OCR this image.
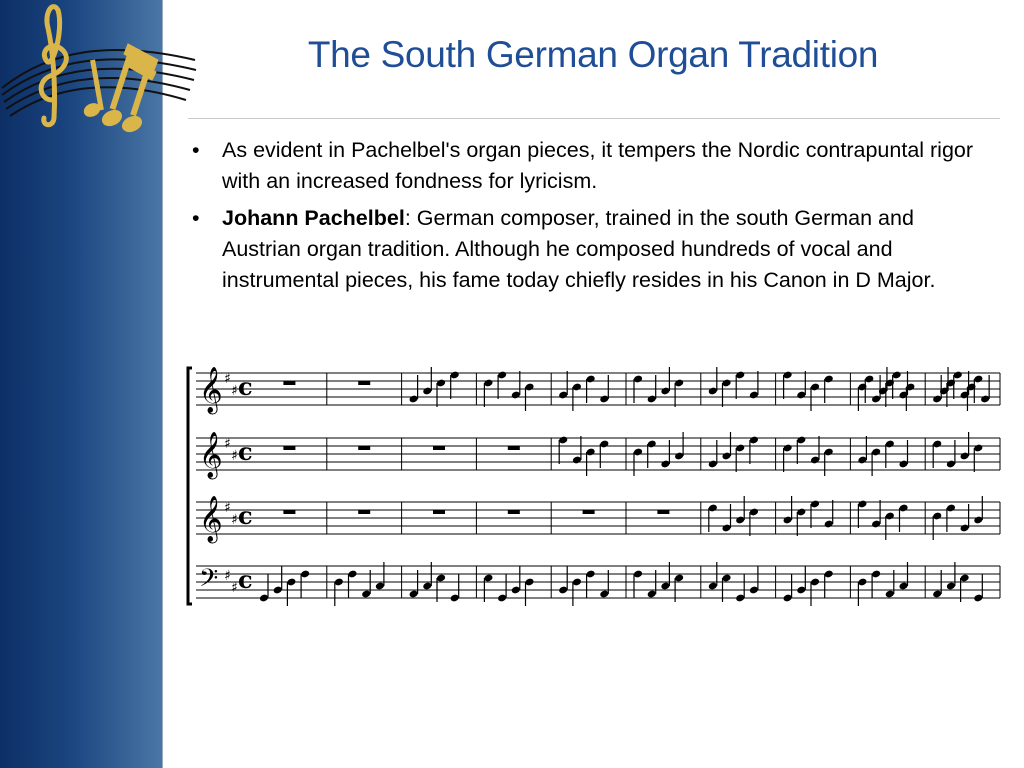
The South German Organ Tradition
• As evident in Pachelbel's organ pieces, it tempers the Nordic contrapuntal rigor with an increased fondness for lyricism.
• Johann Pachelbel: German composer, trained in the south German and Austrian organ tradition. Although he composed hundreds of vocal and instrumental pieces, his fame today chiefly resides in his Canon in D Major.
𝄞 ♯
♯ c
𝄞 ♯
♯ c
𝄞 ♯
♯ c
𝄢 ♯
♯ c
